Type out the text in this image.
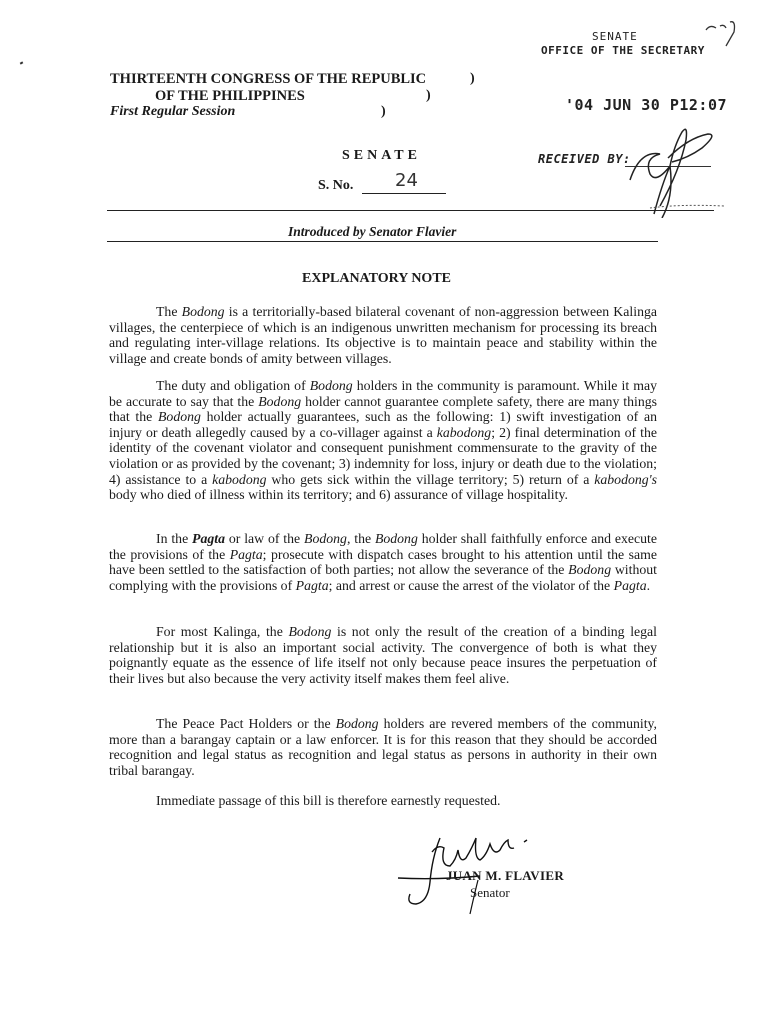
SENATE
OFFICE OF THE SECRETARY
'04 JUN 30 P12:07
RECEIVED BY:
THIRTEENTH CONGRESS OF THE REPUBLIC	)
OF THE PHILIPPINES	)
First Regular Session	)
SENATE
S. No. 24
Introduced by Senator Flavier
EXPLANATORY NOTE
The Bodong is a territorially-based bilateral covenant of non-aggression between Kalinga villages, the centerpiece of which is an indigenous unwritten mechanism for processing its breach and regulating inter-village relations. Its objective is to maintain peace and stability within the village and create bonds of amity between villages.
The duty and obligation of Bodong holders in the community is paramount. While it may be accurate to say that the Bodong holder cannot guarantee complete safety, there are many things that the Bodong holder actually guarantees, such as the following: 1) swift investigation of an injury or death allegedly caused by a co-villager against a kabodong; 2) final determination of the identity of the covenant violator and consequent punishment commensurate to the gravity of the violation or as provided by the covenant; 3) indemnity for loss, injury or death due to the violation; 4) assistance to a kabodong who gets sick within the village territory; 5) return of a kabodong's body who died of illness within its territory; and 6) assurance of village hospitality.
In the Pagta or law of the Bodong, the Bodong holder shall faithfully enforce and execute the provisions of the Pagta; prosecute with dispatch cases brought to his attention until the same have been settled to the satisfaction of both parties; not allow the severance of the Bodong without complying with the provisions of Pagta; and arrest or cause the arrest of the violator of the Pagta.
For most Kalinga, the Bodong is not only the result of the creation of a binding legal relationship but it is also an important social activity. The convergence of both is what they poignantly equate as the essence of life itself not only because peace insures the perpetuation of their lives but also because the very activity itself makes them feel alive.
The Peace Pact Holders or the Bodong holders are revered members of the community, more than a barangay captain or a law enforcer. It is for this reason that they should be accorded recognition and legal status as recognition and legal status as persons in authority in their own tribal barangay.
Immediate passage of this bill is therefore earnestly requested.
JUAN M. FLAVIER
Senator
